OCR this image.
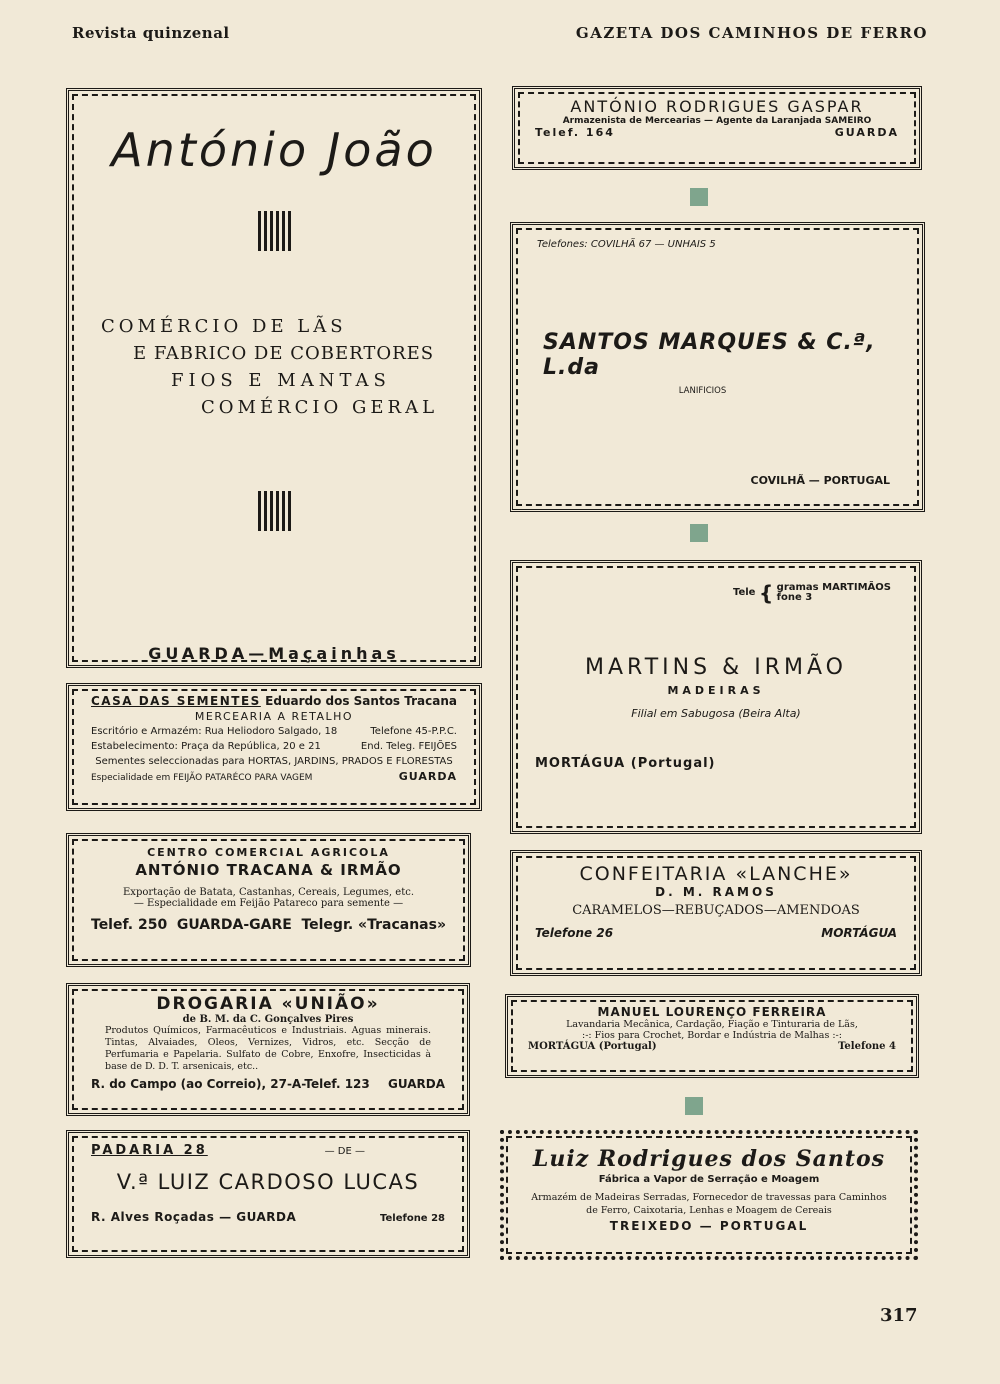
Revista quinzenal	GAZETA DOS CAMINHOS DE FERRO
António João
COMÉRCIO DE LÃS
E FABRICO DE COBERTORES
FIOS E MANTAS
COMÉRCIO GERAL
GUARDA—Maçainhas
CASA DAS SEMENTES Eduardo dos Santos Tracana
MERCEARIA A RETALHO
Escritório e Armazém: Rua Heliodoro Salgado, 18	Telefone 45-P.P.C.
Estabelecimento: Praça da República, 20 e 21	End. Teleg. FEIJÕES
Sementes seleccionadas para HORTAS, JARDINS, PRADOS E FLORESTAS
Especialidade em FEIJÃO PATARÉCO PARA VAGEM	GUARDA
CENTRO COMERCIAL AGRICOLA
ANTÓNIO TRACANA & IRMÃO
Exportação de Batata, Castanhas, Cereais, Legumes, etc.
— Especialidade em Feijão Patareco para semente —
Telef. 250 GUARDA-GARE Telegr. «Tracanas»
DROGARIA «UNIÃO»
de B. M. da C. Gonçalves Pires
Produtos Químicos, Farmacêuticos e Industriais. Aguas minerais. Tintas, Alvaiades, Oleos, Vernizes, Vidros, etc. Secção de Perfumaria e Papelaria. Sulfato de Cobre, Enxofre, Insecticidas à base de D. D. T. arsenicais, etc..
R. do Campo (ao Correio), 27-A-Telef. 123 GUARDA
PADARIA 28	— DE —
V.ª LUIZ CARDOSO LUCAS
R. Alves Roçadas — GUARDA	Telefone 28
ANTÓNIO RODRIGUES GASPAR
Armazenista de Mercearias — Agente da Laranjada SAMEIRO
Telef. 164	GUARDA
Telefones: COVILHÃ 67 — UNHAIS 5
SANTOS MARQUES & C.ª, L.da
LANIFICIOS
COVILHÃ — PORTUGAL
Tele { gramas MARTIMÃOS
fone 3
MARTINS & IRMÃO
MADEIRAS
Filial em Sabugosa (Beira Alta)
MORTÁGUA (Portugal)
CONFEITARIA «LANCHE»
D. M. RAMOS
CARAMELOS—REBUÇADOS—AMENDOAS
Telefone 26	MORTÁGUA
MANUEL LOURENÇO FERREIRA
Lavandaria Mecânica, Cardação, Fiação e Tinturaria de Lãs,
:-: Fios para Crochet, Bordar e Indústria de Malhas :-:
MORTÁGUA (Portugal)	Telefone 4
Luiz Rodrigues dos Santos
Fábrica a Vapor de Serração e Moagem
Armazém de Madeiras Serradas, Fornecedor de travessas para Caminhos de Ferro, Caixotaria, Lenhas e Moagem de Cereais
TREIXEDO — PORTUGAL
317
